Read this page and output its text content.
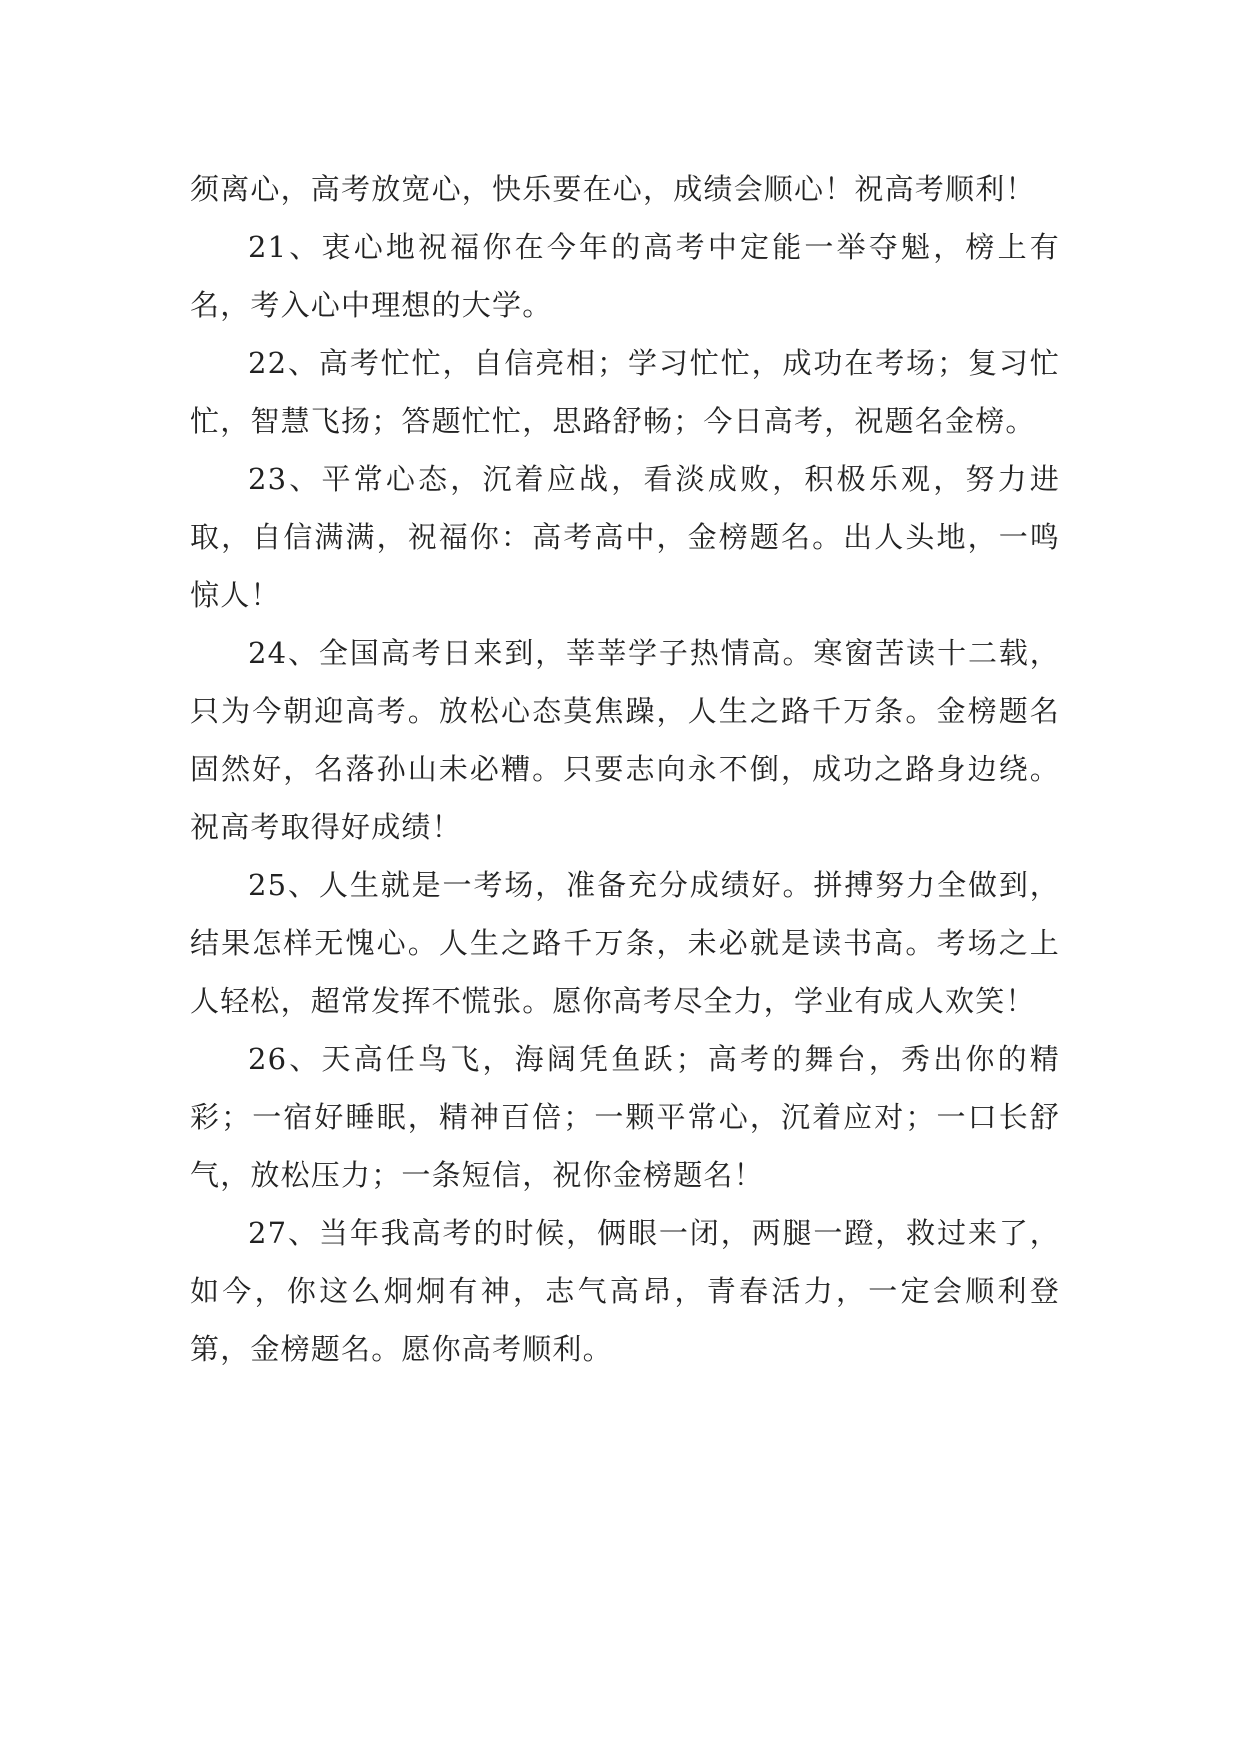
须离心，高考放宽心，快乐要在心，成绩会顺心！祝高考顺利！

21、衷心地祝福你在今年的高考中定能一举夺魁，榜上有名，考入心中理想的大学。

22、高考忙忙，自信亮相；学习忙忙，成功在考场；复习忙忙，智慧飞扬；答题忙忙，思路舒畅；今日高考，祝题名金榜。

23、平常心态，沉着应战，看淡成败，积极乐观，努力进取，自信满满，祝福你：高考高中，金榜题名。出人头地，一鸣惊人！

24、全国高考日来到，莘莘学子热情高。寒窗苦读十二载，只为今朝迎高考。放松心态莫焦躁，人生之路千万条。金榜题名固然好，名落孙山未必糟。只要志向永不倒，成功之路身边绕。祝高考取得好成绩！

25、人生就是一考场，准备充分成绩好。拼搏努力全做到，结果怎样无愧心。人生之路千万条，未必就是读书高。考场之上人轻松，超常发挥不慌张。愿你高考尽全力，学业有成人欢笑！

26、天高任鸟飞，海阔凭鱼跃；高考的舞台，秀出你的精彩；一宿好睡眠，精神百倍；一颗平常心，沉着应对；一口长舒气，放松压力；一条短信，祝你金榜题名！

27、当年我高考的时候，俩眼一闭，两腿一蹬，救过来了，如今，你这么炯炯有神，志气高昂，青春活力，一定会顺利登第，金榜题名。愿你高考顺利。
